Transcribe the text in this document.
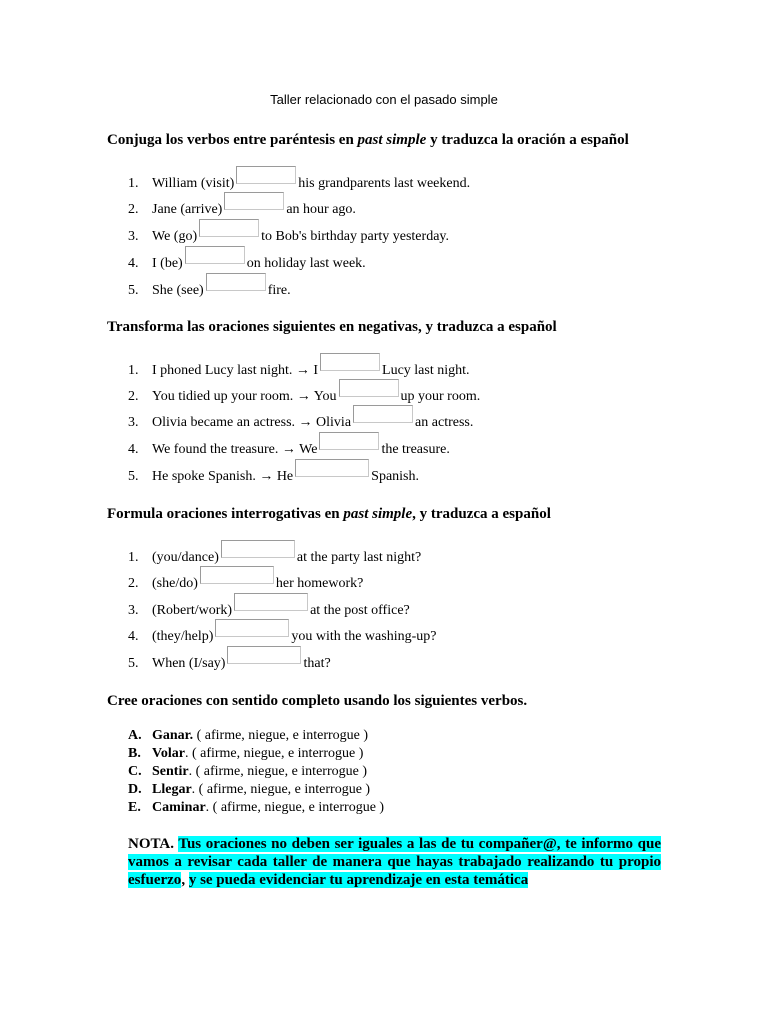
Taller relacionado con el pasado simple
Conjuga los verbos entre paréntesis en past simple y traduzca la oración a español
1. William (visit)	his grandparents last weekend.
2. Jane (arrive)	an hour ago.
3. We (go)	to Bob's birthday party yesterday.
4. I (be)	on holiday last week.
5. She (see)	fire.
Transforma las oraciones siguientes en negativas, y traduzca a español
1. I phoned Lucy last night. → I	Lucy last night.
2. You tidied up your room. → You	up your room.
3. Olivia became an actress. → Olivia	an actress.
4. We found the treasure. → We	the treasure.
5. He spoke Spanish. → He	Spanish.
Formula oraciones interrogativas en past simple, y traduzca a español
1. (you/dance)	at the party last night?
2. (she/do)	her homework?
3. (Robert/work)	at the post office?
4. (they/help)	you with the washing-up?
5. When (I/say)	that?
Cree oraciones con sentido completo usando los siguientes verbos.
A. Ganar. ( afirme, niegue, e interrogue )
B. Volar. ( afirme, niegue, e interrogue )
C. Sentir. ( afirme, niegue, e interrogue )
D. Llegar. ( afirme, niegue, e interrogue )
E. Caminar. ( afirme, niegue, e interrogue )
NOTA. Tus oraciones no deben ser iguales a las de tu compañer@, te informo que vamos a revisar cada taller de manera que hayas trabajado realizando tu propio esfuerzo, y se pueda evidenciar tu aprendizaje en esta temática
